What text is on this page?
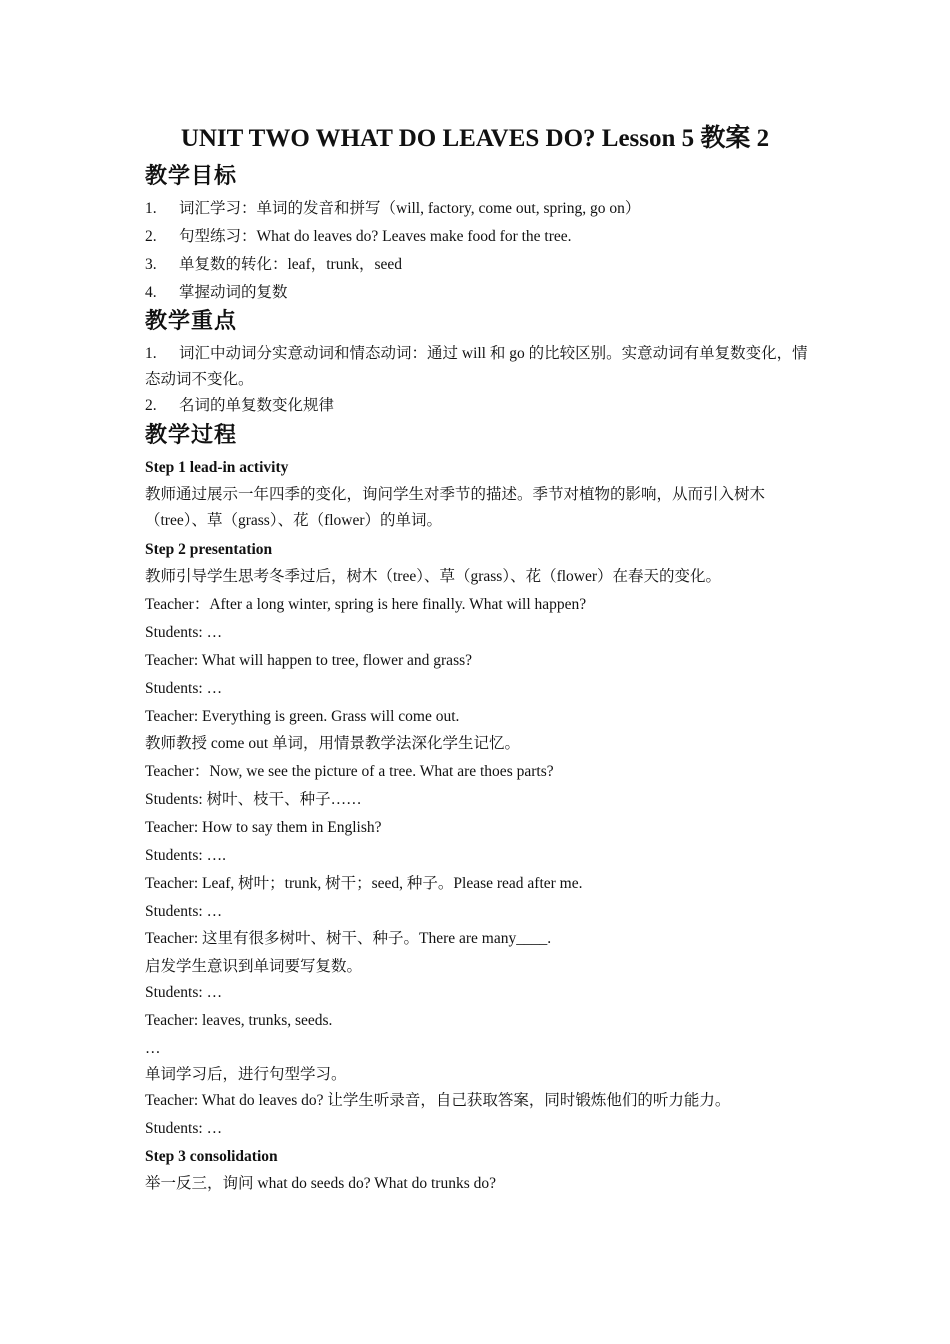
UNIT TWO WHAT DO LEAVES DO? Lesson 5 教案 2
教学目标
1. 词汇学习：单词的发音和拼写（will, factory, come out, spring, go on）
2. 句型练习：What do leaves do? Leaves make food for the tree.
3. 单复数的转化：leaf，trunk，seed
4. 掌握动词的复数
教学重点
1. 词汇中动词分实意动词和情态动词：通过 will 和 go 的比较区别。实意动词有单复数变化，情态动词不变化。
2. 名词的单复数变化规律
教学过程
Step 1 lead-in activity
教师通过展示一年四季的变化，询问学生对季节的描述。季节对植物的影响，从而引入树木（tree）、草（grass）、花（flower）的单词。
Step 2 presentation
教师引导学生思考冬季过后，树木（tree）、草（grass）、花（flower）在春天的变化。
Teacher：After a long winter, spring is here finally. What will happen?
Students: …
Teacher: What will happen to tree, flower and grass?
Students: …
Teacher: Everything is green. Grass will come out.
教师教授 come out 单词，用情景教学法深化学生记忆。
Teacher：Now, we see the picture of a tree. What are thoes parts?
Students: 树叶、枝干、种子……
Teacher: How to say them in English?
Students: ….
Teacher: Leaf, 树叶；trunk, 树干；seed, 种子。Please read after me.
Students: …
Teacher: 这里有很多树叶、树干、种子。There are many____.
启发学生意识到单词要写复数。
Students: …
Teacher: leaves, trunks, seeds.
…
单词学习后，进行句型学习。
Teacher: What do leaves do? 让学生听录音，自己获取答案，同时锻炼他们的听力能力。
Students: …
Step 3 consolidation
举一反三，询问 what do seeds do? What do trunks do?
